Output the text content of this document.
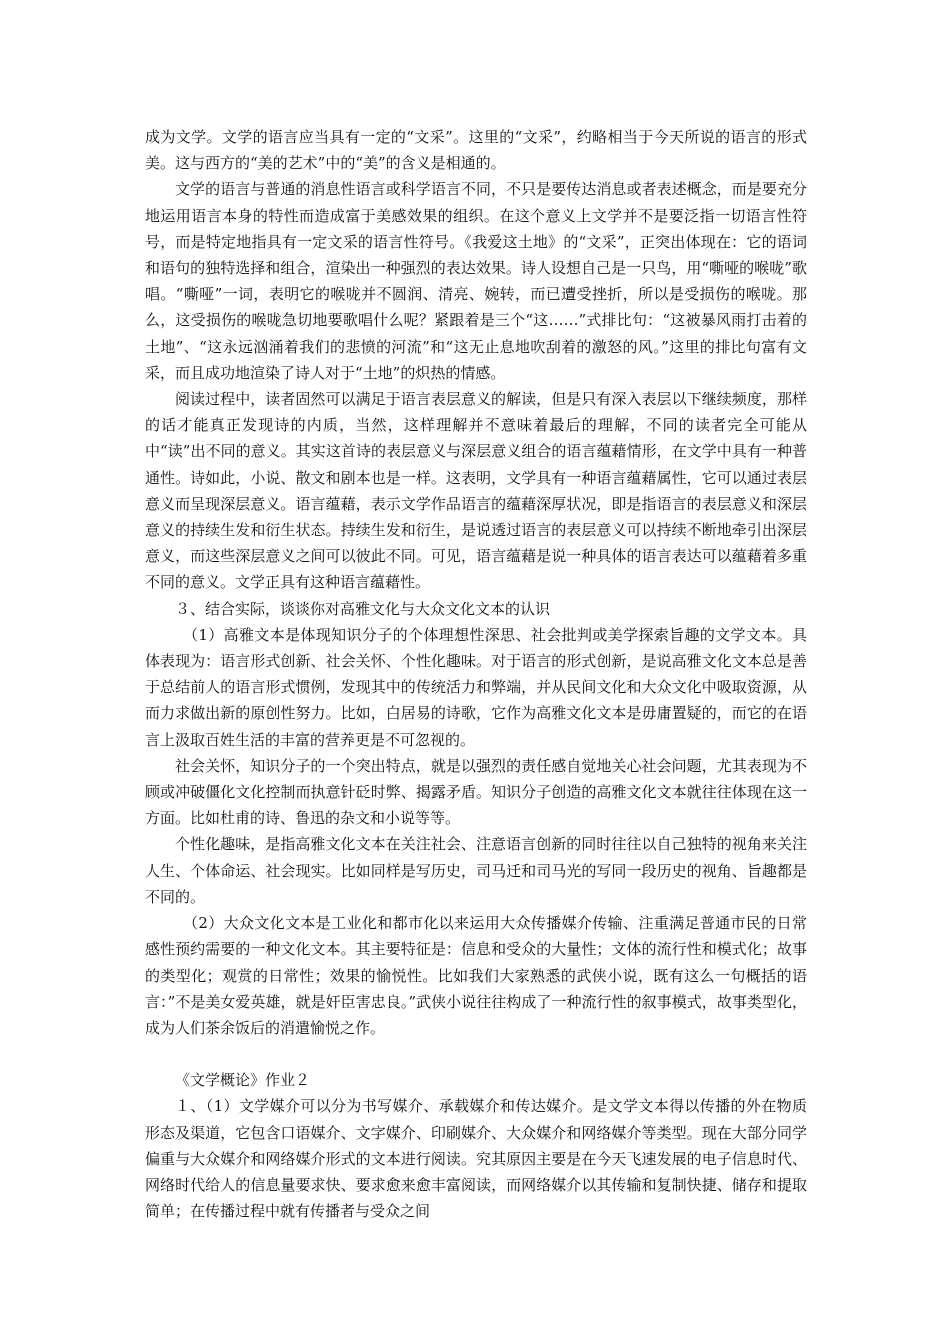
成为文学。文学的语言应当具有一定的“文采”。这里的“文采”，约略相当于今天所说的语言的形式美。这与西方的“美的艺术”中的“美”的含义是相通的。

文学的语言与普通的消息性语言或科学语言不同，不只是要传达消息或者表述概念，而是要充分地运用语言本身的特性而造成富于美感效果的组织。在这个意义上文学并不是要泛指一切语言性符号，而是特定地指具有一定文采的语言性符号。《我爱这土地》的“文采”，正突出体现在：它的语词和语句的独特选择和组合，渲染出一种强烈的表达效果。诗人设想自己是一只鸟，用“嘶哑的喉咙”歌唱。“嘶哑”一词，表明它的喉咙并不圆润、清亮、婉转，而已遭受挫折，所以是受损伤的喉咙。那么，这受损伤的喉咙急切地要歌唱什么呢？紧跟着是三个“这……”式排比句：“这被暴风雨打击着的土地”、“这永远汹涌着我们的悲愤的河流”和“这无止息地吹刮着的激怒的风。”这里的排比句富有文采，而且成功地渲染了诗人对于“土地”的炽热的情感。

阅读过程中，读者固然可以满足于语言表层意义的解读，但是只有深入表层以下继续频度，那样的话才能真正发现诗的内质，当然，这样理解并不意味着最后的理解，不同的读者完全可能从中“读”出不同的意义。其实这首诗的表层意义与深层意义组合的语言蕴藉情形，在文学中具有一种普通性。诗如此，小说、散文和剧本也是一样。这表明，文学具有一种语言蕴藉属性，它可以通过表层意义而呈现深层意义。语言蕴藉，表示文学作品语言的蕴藉深厚状况，即是指语言的表层意义和深层意义的持续生发和衍生状态。持续生发和衍生，是说透过语言的表层意义可以持续不断地牵引出深层意义，而这些深层意义之间可以彼此不同。可见，语言蕴藉是说一种具体的语言表达可以蕴藉着多重不同的意义。文学正具有这种语言蕴藉性。

３、结合实际，谈谈你对高雅文化与大众文化文本的认识

（1）高雅文本是体现知识分子的个体理想性深思、社会批判或美学探索旨趣的文学文本。具体表现为：语言形式创新、社会关怀、个性化趣味。对于语言的形式创新，是说高雅文化文本总是善于总结前人的语言形式惯例，发现其中的传统活力和弊端，并从民间文化和大众文化中吸取资源，从而力求做出新的原创性努力。比如，白居易的诗歌，它作为高雅文化文本是毋庸置疑的，而它的在语言上汲取百姓生活的丰富的营养更是不可忽视的。

社会关怀，知识分子的一个突出特点，就是以强烈的责任感自觉地关心社会问题，尤其表现为不顾或冲破僵化文化控制而执意针砭时弊、揭露矛盾。知识分子创造的高雅文化文本就往往体现在这一方面。比如杜甫的诗、鲁迅的杂文和小说等等。

个性化趣味，是指高雅文化文本在关注社会、注意语言创新的同时往往以自己独特的视角来关注人生、个体命运、社会现实。比如同样是写历史，司马迁和司马光的写同一段历史的视角、旨趣都是不同的。

（2）大众文化文本是工业化和都市化以来运用大众传播媒介传输、注重满足普通市民的日常感性预约需要的一种文化文本。其主要特征是：信息和受众的大量性；文体的流行性和模式化；故事的类型化；观赏的日常性；效果的愉悦性。比如我们大家熟悉的武侠小说，既有这么一句概括的语言：”不是美女爱英雄，就是奸臣害忠良。”武侠小说往往构成了一种流行性的叙事模式，故事类型化，成为人们茶余饭后的消遣愉悦之作。

《文学概论》作业２

１、（1）文学媒介可以分为书写媒介、承载媒介和传达媒介。是文学文本得以传播的外在物质形态及渠道，它包含口语媒介、文字媒介、印刷媒介、大众媒介和网络媒介等类型。现在大部分同学偏重与大众媒介和网络媒介形式的文本进行阅读。究其原因主要是在今天飞速发展的电子信息时代、网络时代给人的信息量要求快、要求愈来愈丰富阅读，而网络媒介以其传输和复制快捷、储存和提取简单；在传播过程中就有传播者与受众之间
